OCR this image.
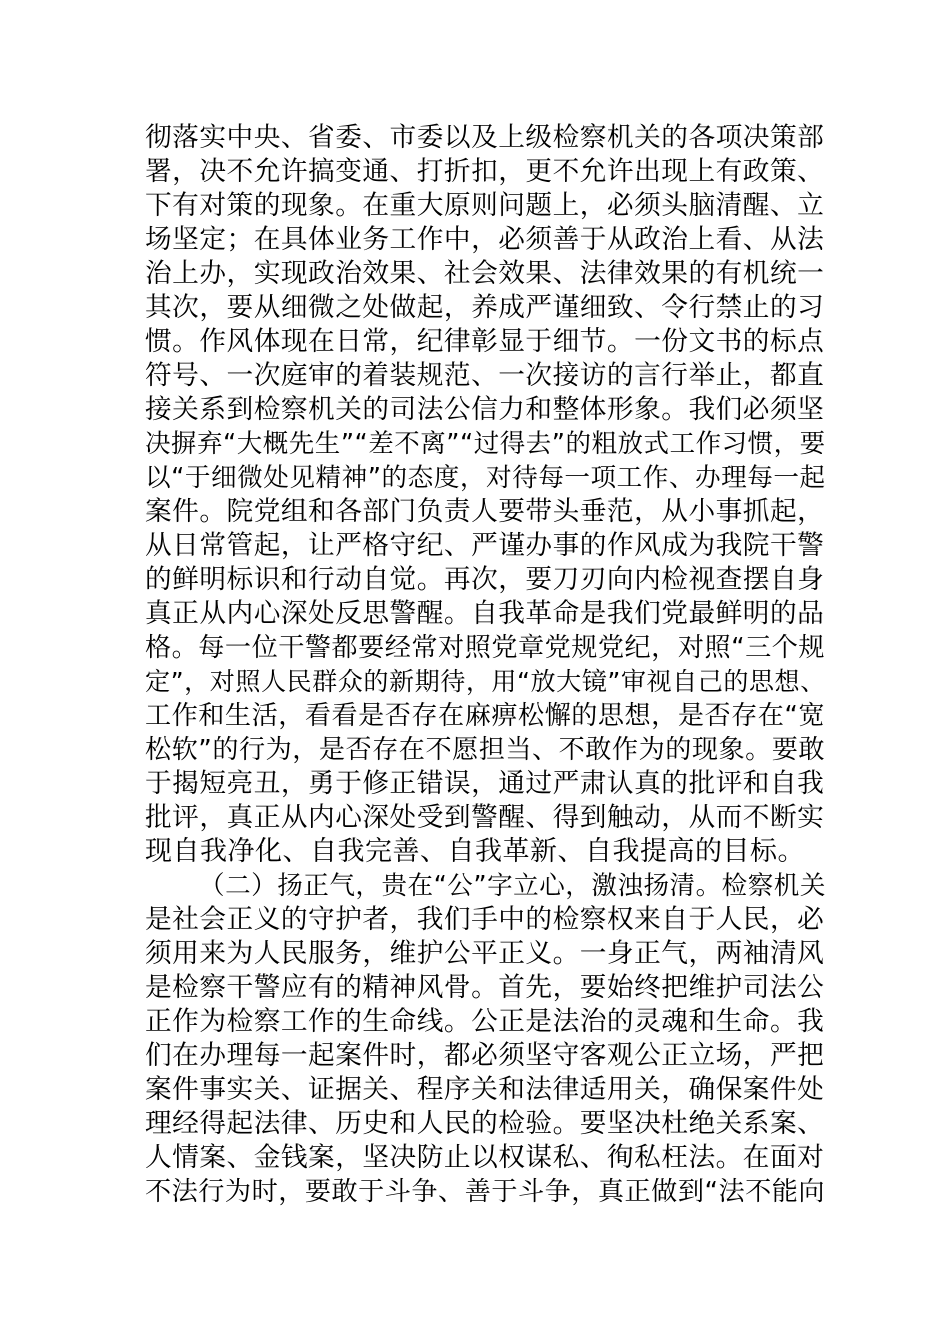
彻落实中央、省委、市委以及上级检察机关的各项决策部
署，决不允许搞变通、打折扣，更不允许出现上有政策、
下有对策的现象。在重大原则问题上，必须头脑清醒、立
场坚定；在具体业务工作中，必须善于从政治上看、从法
治上办，实现政治效果、社会效果、法律效果的有机统一
其次，要从细微之处做起，养成严谨细致、令行禁止的习
惯。作风体现在日常，纪律彰显于细节。一份文书的标点
符号、一次庭审的着装规范、一次接访的言行举止，都直
接关系到检察机关的司法公信力和整体形象。我们必须坚
决摒弃“大概先生”“差不离”“过得去”的粗放式工作习惯，要
以“于细微处见精神”的态度，对待每一项工作、办理每一起
案件。院党组和各部门负责人要带头垂范，从小事抓起，
从日常管起，让严格守纪、严谨办事的作风成为我院干警
的鲜明标识和行动自觉。再次，要刀刃向内检视查摆自身
真正从内心深处反思警醒。自我革命是我们党最鲜明的品
格。每一位干警都要经常对照党章党规党纪，对照“三个规
定”，对照人民群众的新期待，用“放大镜”审视自己的思想、
工作和生活，看看是否存在麻痹松懈的思想，是否存在“宽
松软”的行为，是否存在不愿担当、不敢作为的现象。要敢
于揭短亮丑，勇于修正错误，通过严肃认真的批评和自我
批评，真正从内心深处受到警醒、得到触动，从而不断实
现自我净化、自我完善、自我革新、自我提高的目标。
（二）扬正气，贵在“公”字立心，激浊扬清。检察机关
是社会正义的守护者，我们手中的检察权来自于人民，必
须用来为人民服务，维护公平正义。一身正气，两袖清风
是检察干警应有的精神风骨。首先，要始终把维护司法公
正作为检察工作的生命线。公正是法治的灵魂和生命。我
们在办理每一起案件时，都必须坚守客观公正立场，严把
案件事实关、证据关、程序关和法律适用关，确保案件处
理经得起法律、历史和人民的检验。要坚决杜绝关系案、
人情案、金钱案，坚决防止以权谋私、徇私枉法。在面对
不法行为时，要敢于斗争、善于斗争，真正做到“法不能向
